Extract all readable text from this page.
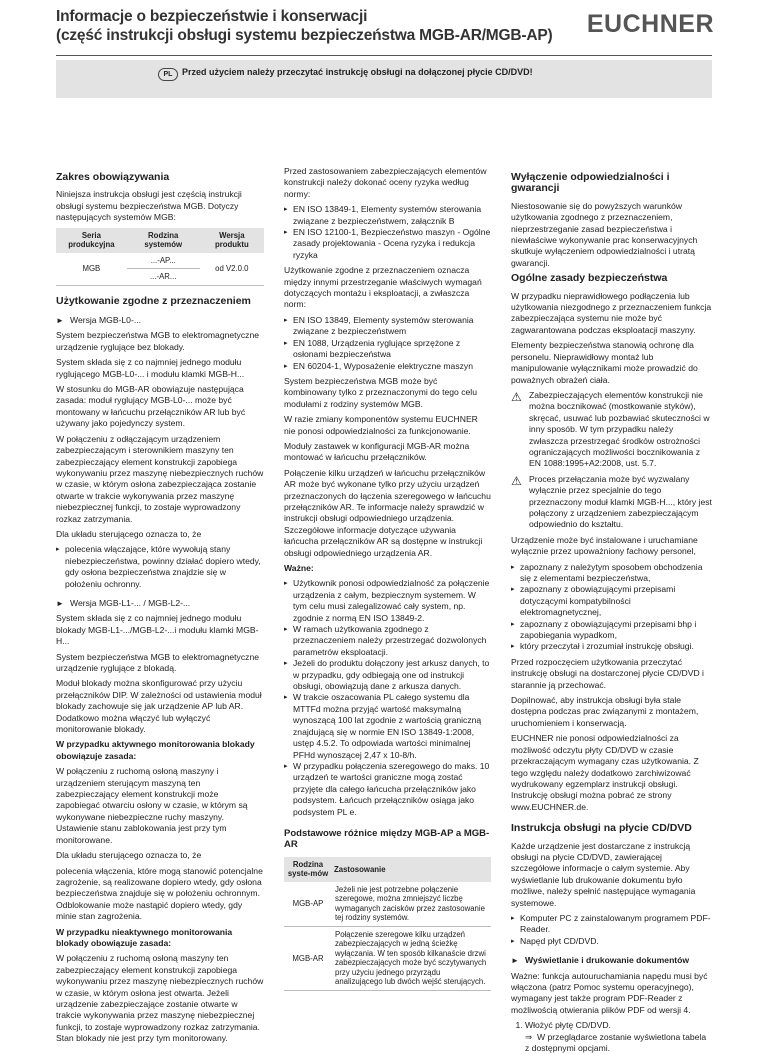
Informacje o bezpieczeństwie i konserwacji
(część instrukcji obsługi systemu bezpieczeństwa MGB-AR/MGB-AP) EUCHNER
PL	Przed użyciem należy przeczytać instrukcję obsługi na dołączonej płycie CD/DVD!
Zakres obowiązywania

Niniejsza instrukcja obsługi jest częścią instrukcji obsługi systemu bezpieczeństwa MGB. Dotyczy następujących systemów MGB:

Seria produkcyjna	Rodzina systemów	Wersja produktu
MGB	...-AP...	od V2.0.0
	...-AR...	
Użytkowanie zgodne z przeznaczeniem
► Wersja MGB-L0-...

System bezpieczeństwa MGB to elektromagnetyczne urządzenie ryglujące bez blokady.

System składa się z co najmniej jednego modułu ryglującego MGB-L0-... i modułu klamki MGB-H...

W stosunku do MGB-AR obowiązuje następująca zasada: moduł ryglujący MGB-L0-... może być montowany w łańcuchu przełączników AR lub być używany jako pojedynczy system.

W połączeniu z odłączającym urządzeniem zabezpieczającym i sterownikiem maszyny ten zabezpieczający element konstrukcji zapobiega wykonywaniu przez maszynę niebezpiecznych ruchów w czasie, w którym osłona zabezpieczająca zostanie otwarte w trakcie wykonywania przez maszynę niebezpiecznej funkcji, to zostaje wyprowadzony rozkaz zatrzymania.

Dla układu sterującego oznacza to, że

▸ polecenia włączające, które wywołują stany niebezpieczeństwa, powinny działać dopiero wtedy, gdy osłona bezpieczeństwa znajdzie się w położeniu ochronny.
► Wersja MGB-L1-... / MGB-L2-...

System składa się z co najmniej jednego modułu blokady MGB-L1-.../MGB-L2-...i modułu klamki MGB-H...

System bezpieczeństwa MGB to elektromagnetyczne urządzenie ryglujące z blokadą.

Moduł blokady można skonfigurować przy użyciu przełączników DIP. W zależności od ustawienia moduł blokady zachowuje się jak urządzenie AP lub AR. Dodatkowo można włączyć lub wyłączyć monitorowanie blokady.

W przypadku aktywnego monitorowania blokady obowiązuje zasada:

W połączeniu z ruchomą osłoną maszyny i urządzeniem sterującym maszyną ten zabezpieczający element konstrukcji może zapobiegać otwarciu osłony w czasie, w którym są wykonywane niebezpieczne ruchy maszyny. Ustawienie stanu zablokowania jest przy tym monitorowane.

Dla układu sterującego oznacza to, że

polecenia włączenia, które mogą stanowić potencjalne zagrożenie, są realizowane dopiero wtedy, gdy osłona bezpieczeństwa znajduje się w położeniu ochronnym. Odblokowanie może nastąpić dopiero wtedy, gdy minie stan zagrożenia.

W przypadku nieaktywnego monitorowania blokady obowiązuje zasada:

W połączeniu z ruchomą osłoną maszyny ten zabezpieczający element konstrukcji zapobiega wykonywaniu przez maszynę niebezpiecznych ruchów w czasie, w którym osłona jest otwarta. Jeżeli urządzenie zabezpieczające zostanie otwarte w trakcie wykonywania przez maszynę niebezpiecznej funkcji, to zostaje wyprowadzony rozkaz zatrzymania. Stan blokady nie jest przy tym monitorowany.

Przed zastosowaniem zabezpieczających elementów konstrukcji należy dokonać oceny ryzyka według normy:

▸ EN ISO 13849-1, Elementy systemów sterowania związane z bezpieczeństwem, załącznik B
▸ EN ISO 12100-1, Bezpieczeństwo maszyn - Ogólne zasady projektowania - Ocena ryzyka i redukcja ryzyka

Użytkowanie zgodne z przeznaczeniem oznacza między innymi przestrzeganie właściwych wymagań dotyczących montażu i eksploatacji, a zwłaszcza norm:

▸ EN ISO 13849, Elementy systemów sterowania związane z bezpieczeństwem
▸ EN 1088, Urządzenia ryglujące sprzężone z osłonami bezpieczeństwa
▸ EN 60204-1, Wyposażenie elektryczne maszyn

System bezpieczeństwa MGB może być kombinowany tylko z przeznaczonymi do tego celu modułami z rodziny systemów MGB.

W razie zmiany komponentów systemu EUCHNER nie ponosi odpowiedzialności za funkcjonowanie.

Moduły zastawek w konfiguracji MGB-AR można montować w łańcuchu przełączników.

Połączenie kilku urządzeń w łańcuchu przełączników AR może być wykonane tylko przy użyciu urządzeń przeznaczonych do łączenia szeregowego w łańcuchu przełączników AR. Te informacje należy sprawdzić w instrukcji obsługi odpowiedniego urządzenia. Szczegółowe informacje dotyczące używania łańcucha przełączników AR są dostępne w instrukcji obsługi odpowiedniego urządzenia AR.

Ważne:

▸ Użytkownik ponosi odpowiedzialność za połączenie urządzenia z całym, bezpiecznym systemem. W tym celu musi zalegalizować cały system, np. zgodnie z normą EN ISO 13849-2.
▸ W ramach użytkowania zgodnego z przeznaczeniem należy przestrzegać dozwolonych parametrów eksploatacji.
▸ Jeżeli do produktu dołączony jest arkusz danych, to w przypadku, gdy odbiegają one od instrukcji obsługi, obowiązują dane z arkusza danych.
▸ W trakcie oszacowania PL całego systemu dla MTTFd można przyjąć wartość maksymalną wynoszącą 100 lat zgodnie z wartością graniczną znajdującą się w normie EN ISO 13849-1:2008, ustęp 4.5.2. To odpowiada wartości minimalnej PFHd wynoszącej 2,47 x 10-8/h.
▸ W przypadku połączenia szeregowego do maks. 10 urządzeń te wartości graniczne mogą zostać przyjęte dla całego łańcucha przełączników jako podsystem. Łańcuch przełączników osiąga jako podsystem PL e.
Podstawowe różnice między MGB-AP a MGB-AR
Rodzina syste-mów	Zastosowanie
MGB-AP	Jeżeli nie jest potrzebne połączenie szeregowe, można zmniejszyć liczbę wymaganych zacisków przez zastosowanie tej rodziny systemów.
MGB-AR	Połączenie szeregowe kilku urządzeń zabezpieczających w jedną ścieżkę wyłączania. W ten sposób kilkanaście drzwi zabezpieczających może być sczytywanych przy użyciu jednego przyrządu analizującego lub dwóch wejść sterujących.
Wyłączenie odpowiedzialności i gwarancji

Niestosowanie się do powyższych warunków użytkowania zgodnego z przeznaczeniem, nieprzestrzeganie zasad bezpieczeństwa i niewłaściwe wykonywanie prac konserwacyjnych skutkuje wyłączeniem odpowiedzialności i utratą gwarancji.

Ogólne zasady bezpieczeństwa

W przypadku nieprawidłowego podłączenia lub użytkowania niezgodnego z przeznaczeniem funkcja zabezpieczająca systemu nie może być zagwarantowana podczas eksploatacji maszyny.

Elementy bezpieczeństwa stanowią ochronę dla personelu. Nieprawidłowy montaż lub manipulowanie wyłącznikami może prowadzić do poważnych obrażeń ciała.

⚠ Zabezpieczających elementów konstrukcji nie można bocznikować (mostkowanie styków), skręcać, usuwać lub pozbawiać skuteczności w inny sposób. W tym przypadku należy zwłaszcza przestrzegać środków ostrożności ograniczających możliwości bocznikowania z EN 1088:1995+A2:2008, ust. 5.7.
⚠ Proces przełączania może być wyzwalany wyłącznie przez specjalnie do tego przeznaczony moduł klamki MGB-H..., który jest połączony z urządzeniem zabezpieczającym odpowiednio do kształtu.

Urządzenie może być instalowane i uruchamiane wyłącznie przez upoważniony fachowy personel,

▸ zapoznany z należytym sposobem obchodzenia się z elementami bezpieczeństwa,
▸ zapoznany z obowiązującymi przepisami dotyczącymi kompatybilności elektromagnetycznej,
▸ zapoznany z obowiązującymi przepisami bhp i zapobiegania wypadkom,
▸ który przeczytał i zrozumiał instrukcję obsługi.

Przed rozpoczęciem użytkowania przeczytać instrukcję obsługi na dostarczonej płycie CD/DVD i starannie ją przechować.

Dopilnować, aby instrukcja obsługi była stale dostępna podczas prac związanymi z montażem, uruchomieniem i konserwacją.

EUCHNER nie ponosi odpowiedzialności za możliwość odczytu płyty CD/DVD w czasie przekraczającym wymagany czas użytkowania. Z tego względu należy dodatkowo zarchiwizować wydrukowany egzemplarz instrukcji obsługi. Instrukcję obsługi można pobrać ze strony www.EUCHNER.de.

Instrukcja obsługi na płycie CD/DVD

Każde urządzenie jest dostarczane z instrukcją obsługi na płycie CD/DVD, zawierającej szczegółowe informacje o całym systemie. Aby wyświetlanie lub drukowanie dokumentu było możliwe, należy spełnić następujące wymagania systemowe.

▸ Komputer PC z zainstalowanym programem PDF-Reader.
▸ Napęd płyt CD/DVD.
► Wyświetlanie i drukowanie dokumentów

Ważne: funkcja autouruchamiania napędu musi być włączona (patrz Pomoc systemu operacyjnego), wymagany jest także program PDF-Reader z możliwością otwierania plików PDF od wersji 4.

1. Włożyć płytę CD/DVD.
⇒ W przeglądarce zostanie wyświetlona tabela z dostępnymi opcjami.
